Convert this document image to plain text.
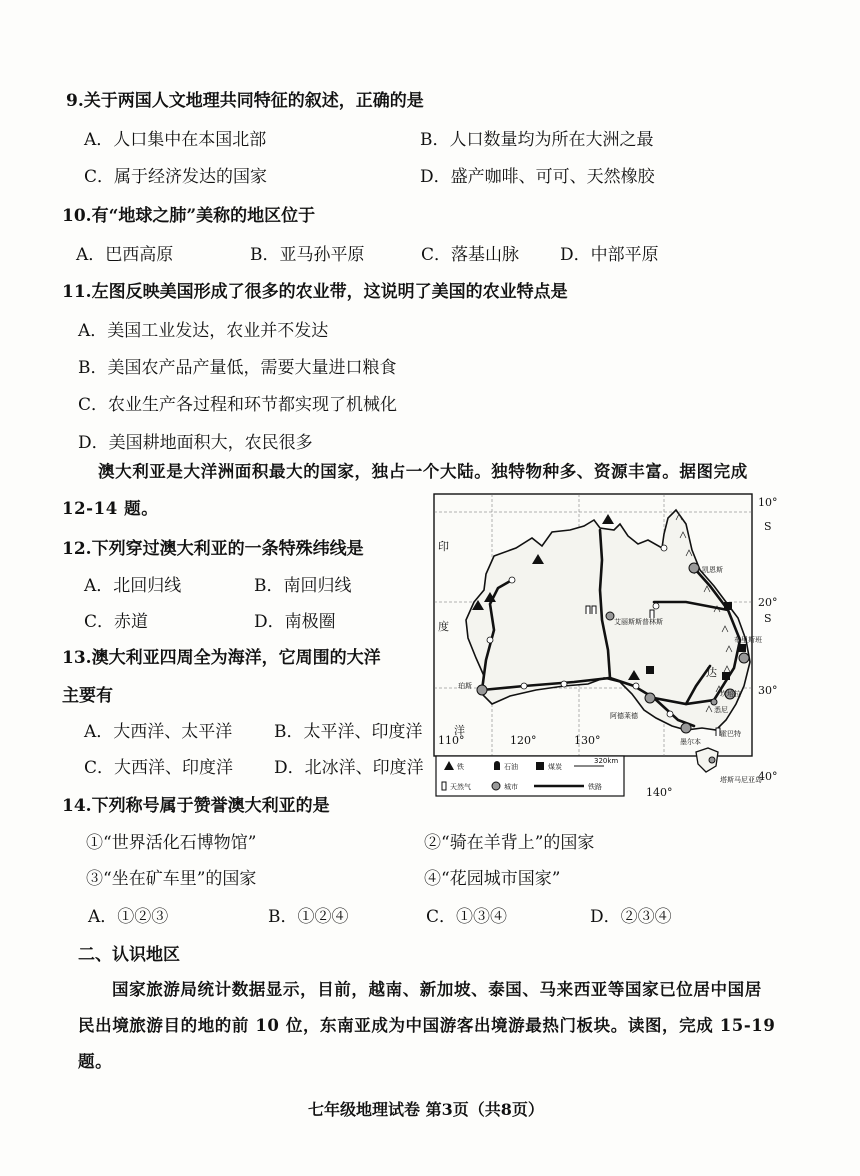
9.关于两国人文地理共同特征的叙述，正确的是
A．人口集中在本国北部	B．人口数量均为所在大洲之最
C．属于经济发达的国家	D．盛产咖啡、可可、天然橡胶
10.有“地球之肺”美称的地区位于
A．巴西高原	B．亚马孙平原	C．落基山脉 D．中部平原
11.左图反映美国形成了很多的农业带，这说明了美国的农业特点是
A．美国工业发达，农业并不发达
B．美国农产品产量低，需要大量进口粮食
C．农业生产各过程和环节都实现了机械化
D．美国耕地面积大，农民很多
澳大利亚是大洋洲面积最大的国家，独占一个大陆。独特物种多、资源丰富。据图完成
12-14 题。
12.下列穿过澳大利亚的一条特殊纬线是
A．北回归线	B．南回归线
C．赤道	D．南极圈
13.澳大利亚四周全为海洋，它周围的大洋
主要有
A．大西洋、太平洋 B．太平洋、印度洋
C．大西洋、印度洋 D．北冰洋、印度洋
14.下列称号属于赞誉澳大利亚的是
①“世界活化石博物馆”	②“骑在羊背上”的国家
③“坐在矿车里”的国家	④“花园城市国家”
A．①②③	B．①②④	C．①③④	D．②③④
二、认识地区
国家旅游局统计数据显示，目前，越南、新加坡、泰国、马来西亚等国家已位居中国居
民出境旅游目的地的前 10 位，东南亚成为中国游客出境游最热门板块。读图，完成 15-19
题。
七年级地理试卷 第3页（共8页）
10°
20°
30°
40°
S
S
110°	120°	130°
140°
印
度
洋
凯恩斯
艾丽斯斯普林斯
布里斯班
悉尼
阿德莱德
墨尔本
珀斯
霍巴特
坎培拉
达
塔斯马尼亚岛
铁	石油	煤炭
320km
天然气	城市	铁路
